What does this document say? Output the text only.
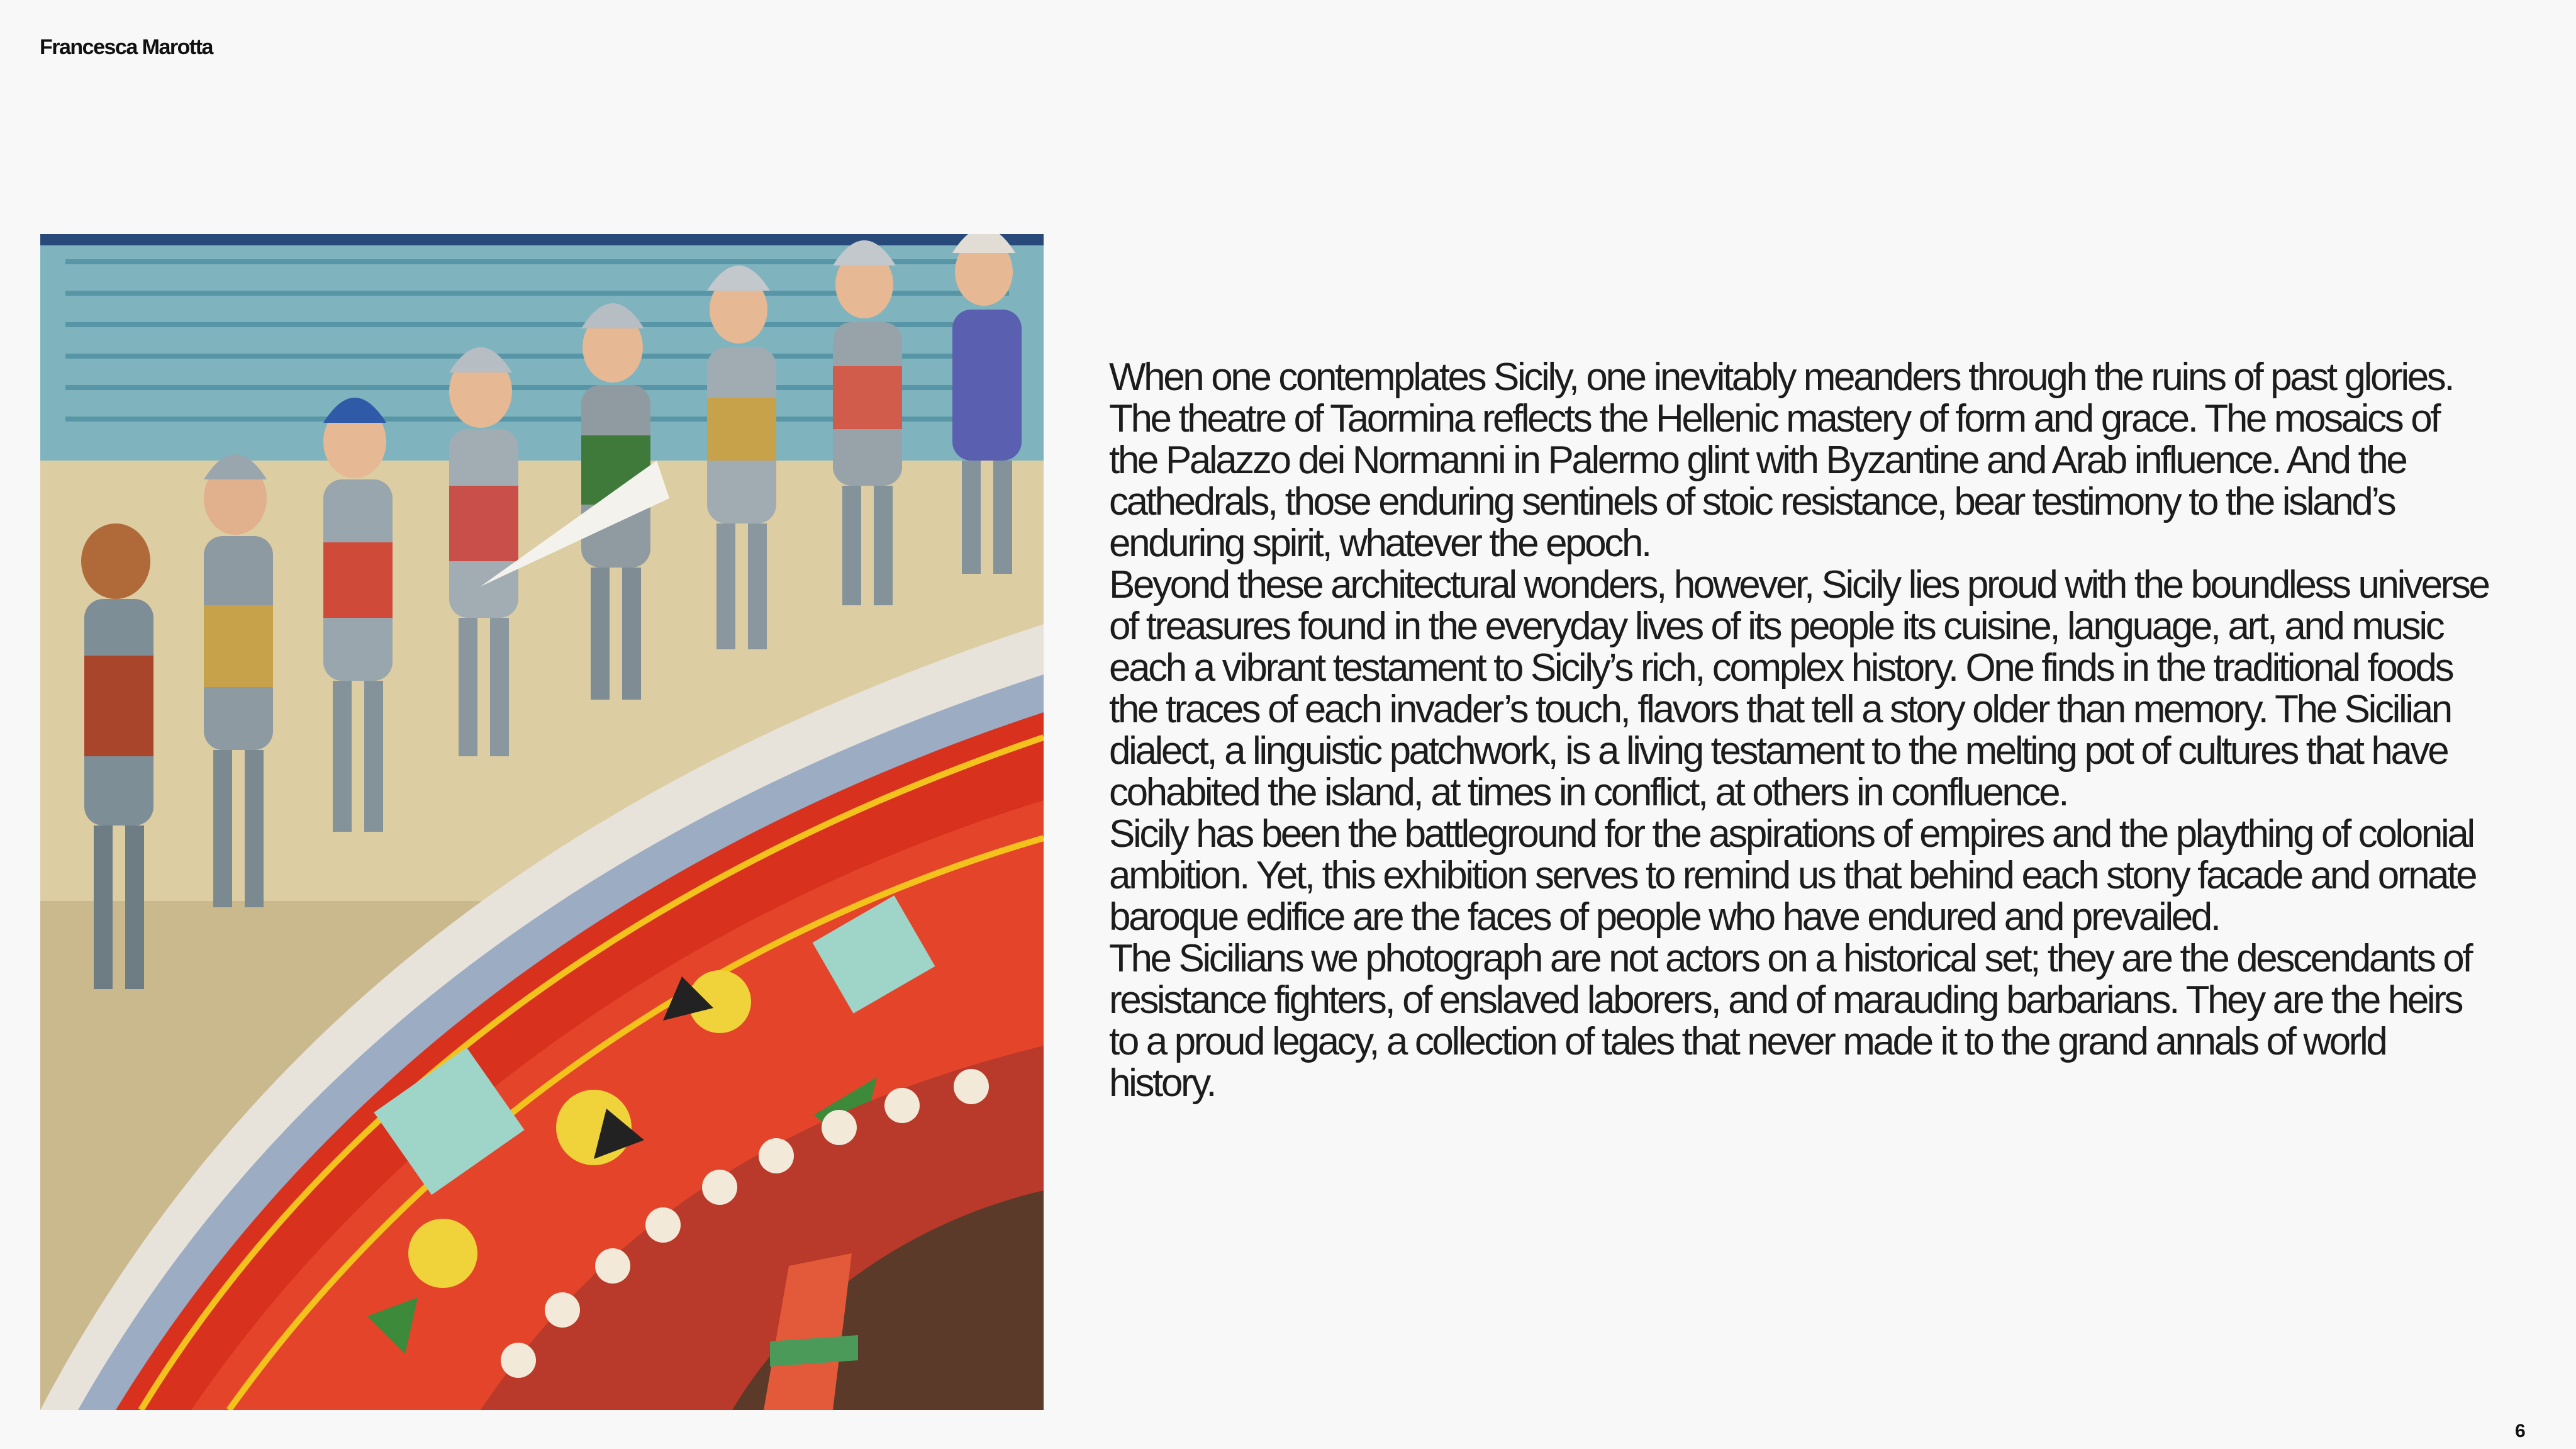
Francesca Marotta

When one contemplates Sicily, one inevitably meanders through the ruins of past glories. The theatre of Taormina reflects the Hellenic mastery of form and grace. The mosaics of the Palazzo dei Normanni in Palermo glint with Byzantine and Arab influence. And the cathedrals, those enduring sentinels of stoic resistance, bear testimony to the island’s enduring spirit, whatever the epoch.

Beyond these architectural wonders, however, Sicily lies proud with the boundless universe of treasures found in the everyday lives of its people its cuisine, language, art, and music each a vibrant testament to Sicily’s rich, complex history. One finds in the traditional foods the traces of each invader’s touch, flavors that tell a story older than memory. The Sicilian dialect, a linguistic patchwork, is a living testament to the melting pot of cultures that have cohabited the island, at times in conflict, at others in confluence.

Sicily has been the battleground for the aspirations of empires and the plaything of colonial ambition. Yet, this exhibition serves to remind us that behind each stony facade and ornate baroque edifice are the faces of people who have endured and prevailed.

The Sicilians we photograph are not actors on a historical set; they are the descendants of resistance fighters, of enslaved laborers, and of marauding barbarians. They are the heirs to a proud legacy, a collection of tales that never made it to the grand annals of world history.

6
